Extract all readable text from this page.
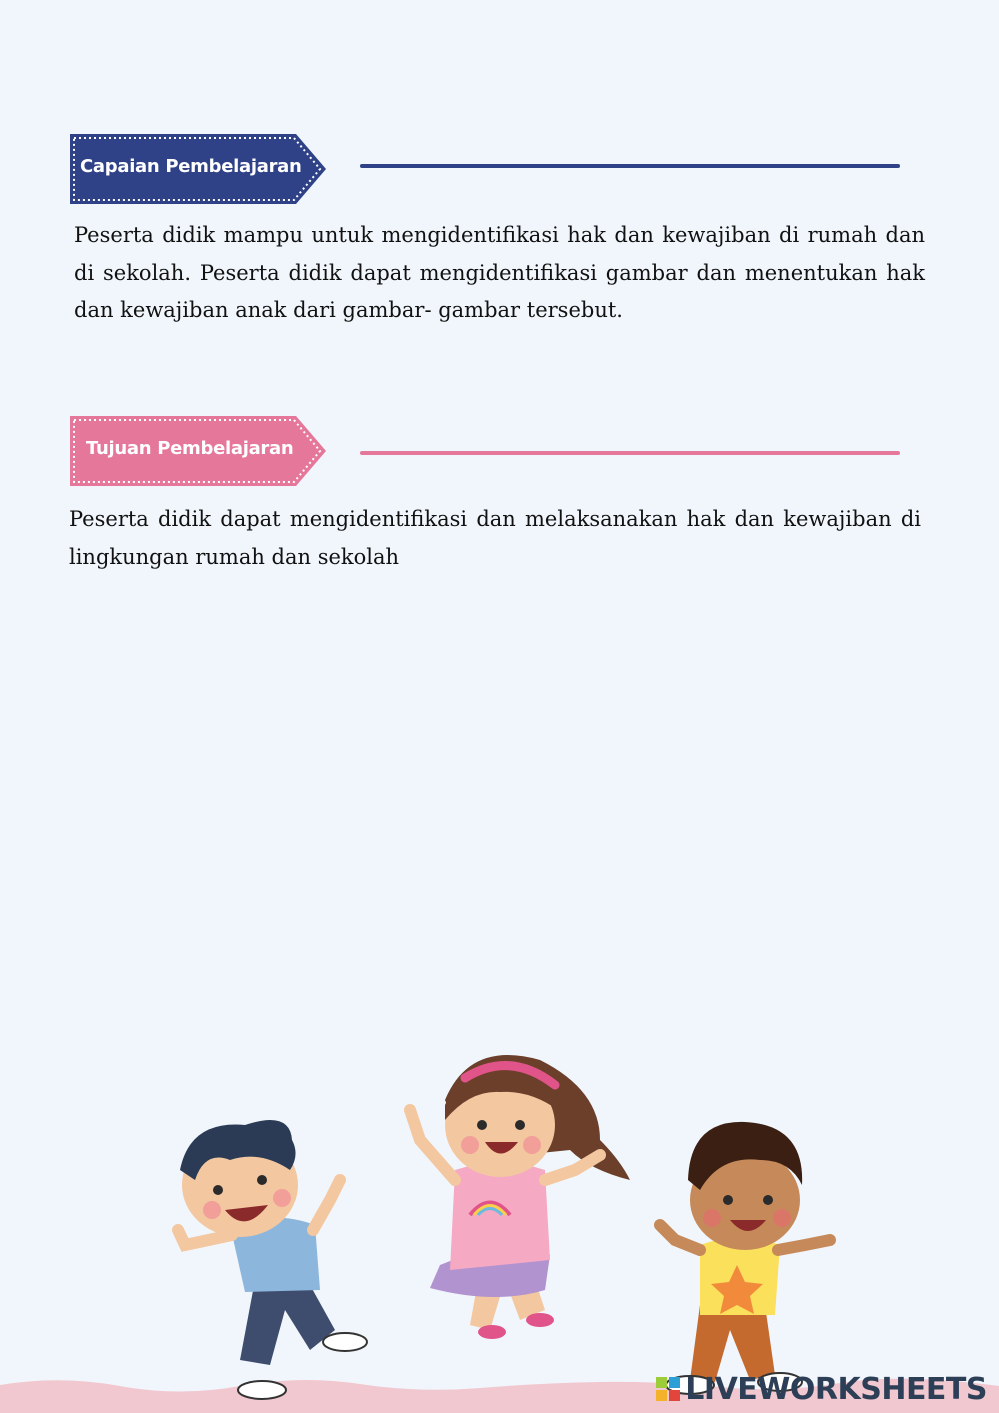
Capaian Pembelajaran

Peserta didik mampu untuk mengidentifikasi hak dan kewajiban di rumah dan di sekolah. Peserta didik dapat mengidentifikasi gambar dan menentukan hak dan kewajiban anak dari gambar- gambar tersebut.

Tujuan Pembelajaran

Peserta didik dapat mengidentifikasi dan melaksanakan hak dan kewajiban di lingkungan rumah dan sekolah

LIVEWORKSHEETS
